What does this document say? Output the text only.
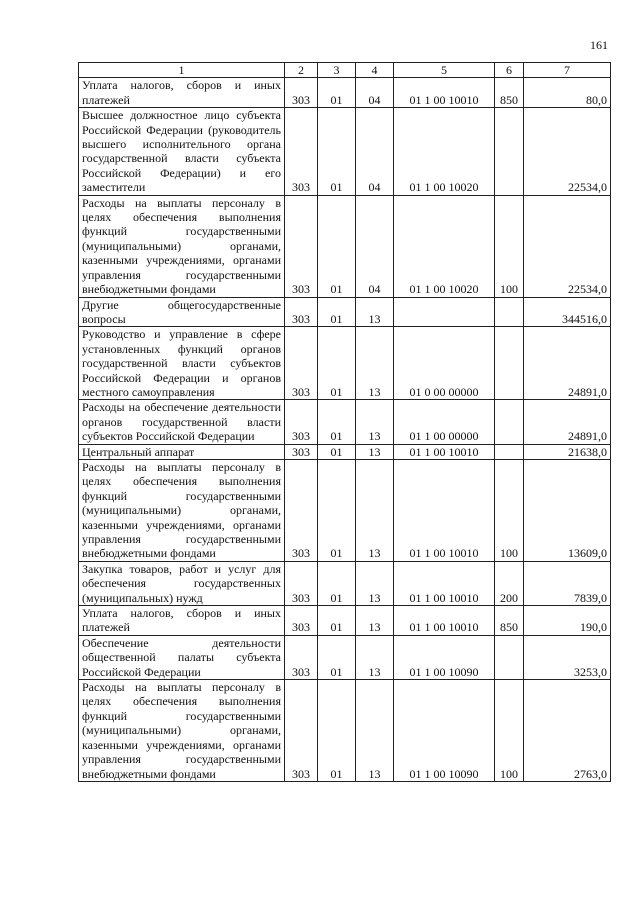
161
1	2	3	4	5	6	7
Уплата налогов, сборов и иных платежей	303	01	04	01 1 00 10010	850	80,0
Высшее должностное лицо субъекта Российской Федерации (руководитель высшего исполнительного органа государственной власти субъекта Российской Федерации) и его заместители	303	01	04	01 1 00 10020		22534,0
Расходы на выплаты персоналу в целях обеспечения выполнения функций государственными (муниципальными) органами, казенными учреждениями, органами управления государственными внебюджетными фондами	303	01	04	01 1 00 10020	100	22534,0
Другие общегосударственные вопросы	303	01	13			344516,0
Руководство и управление в сфере установленных функций органов государственной власти субъектов Российской Федерации и органов местного самоуправления	303	01	13	01 0 00 00000		24891,0
Расходы на обеспечение деятельности органов государственной власти субъектов Российской Федерации	303	01	13	01 1 00 00000		24891,0
Центральный аппарат	303	01	13	01 1 00 10010		21638,0
Расходы на выплаты персоналу в целях обеспечения выполнения функций государственными (муниципальными) органами, казенными учреждениями, органами управления государственными внебюджетными фондами	303	01	13	01 1 00 10010	100	13609,0
Закупка товаров, работ и услуг для обеспечения государственных (муниципальных) нужд	303	01	13	01 1 00 10010	200	7839,0
Уплата налогов, сборов и иных платежей	303	01	13	01 1 00 10010	850	190,0
Обеспечение деятельности общественной палаты субъекта Российской Федерации	303	01	13	01 1 00 10090		3253,0
Расходы на выплаты персоналу в целях обеспечения выполнения функций государственными (муниципальными) органами, казенными учреждениями, органами управления государственными внебюджетными фондами	303	01	13	01 1 00 10090	100	2763,0
